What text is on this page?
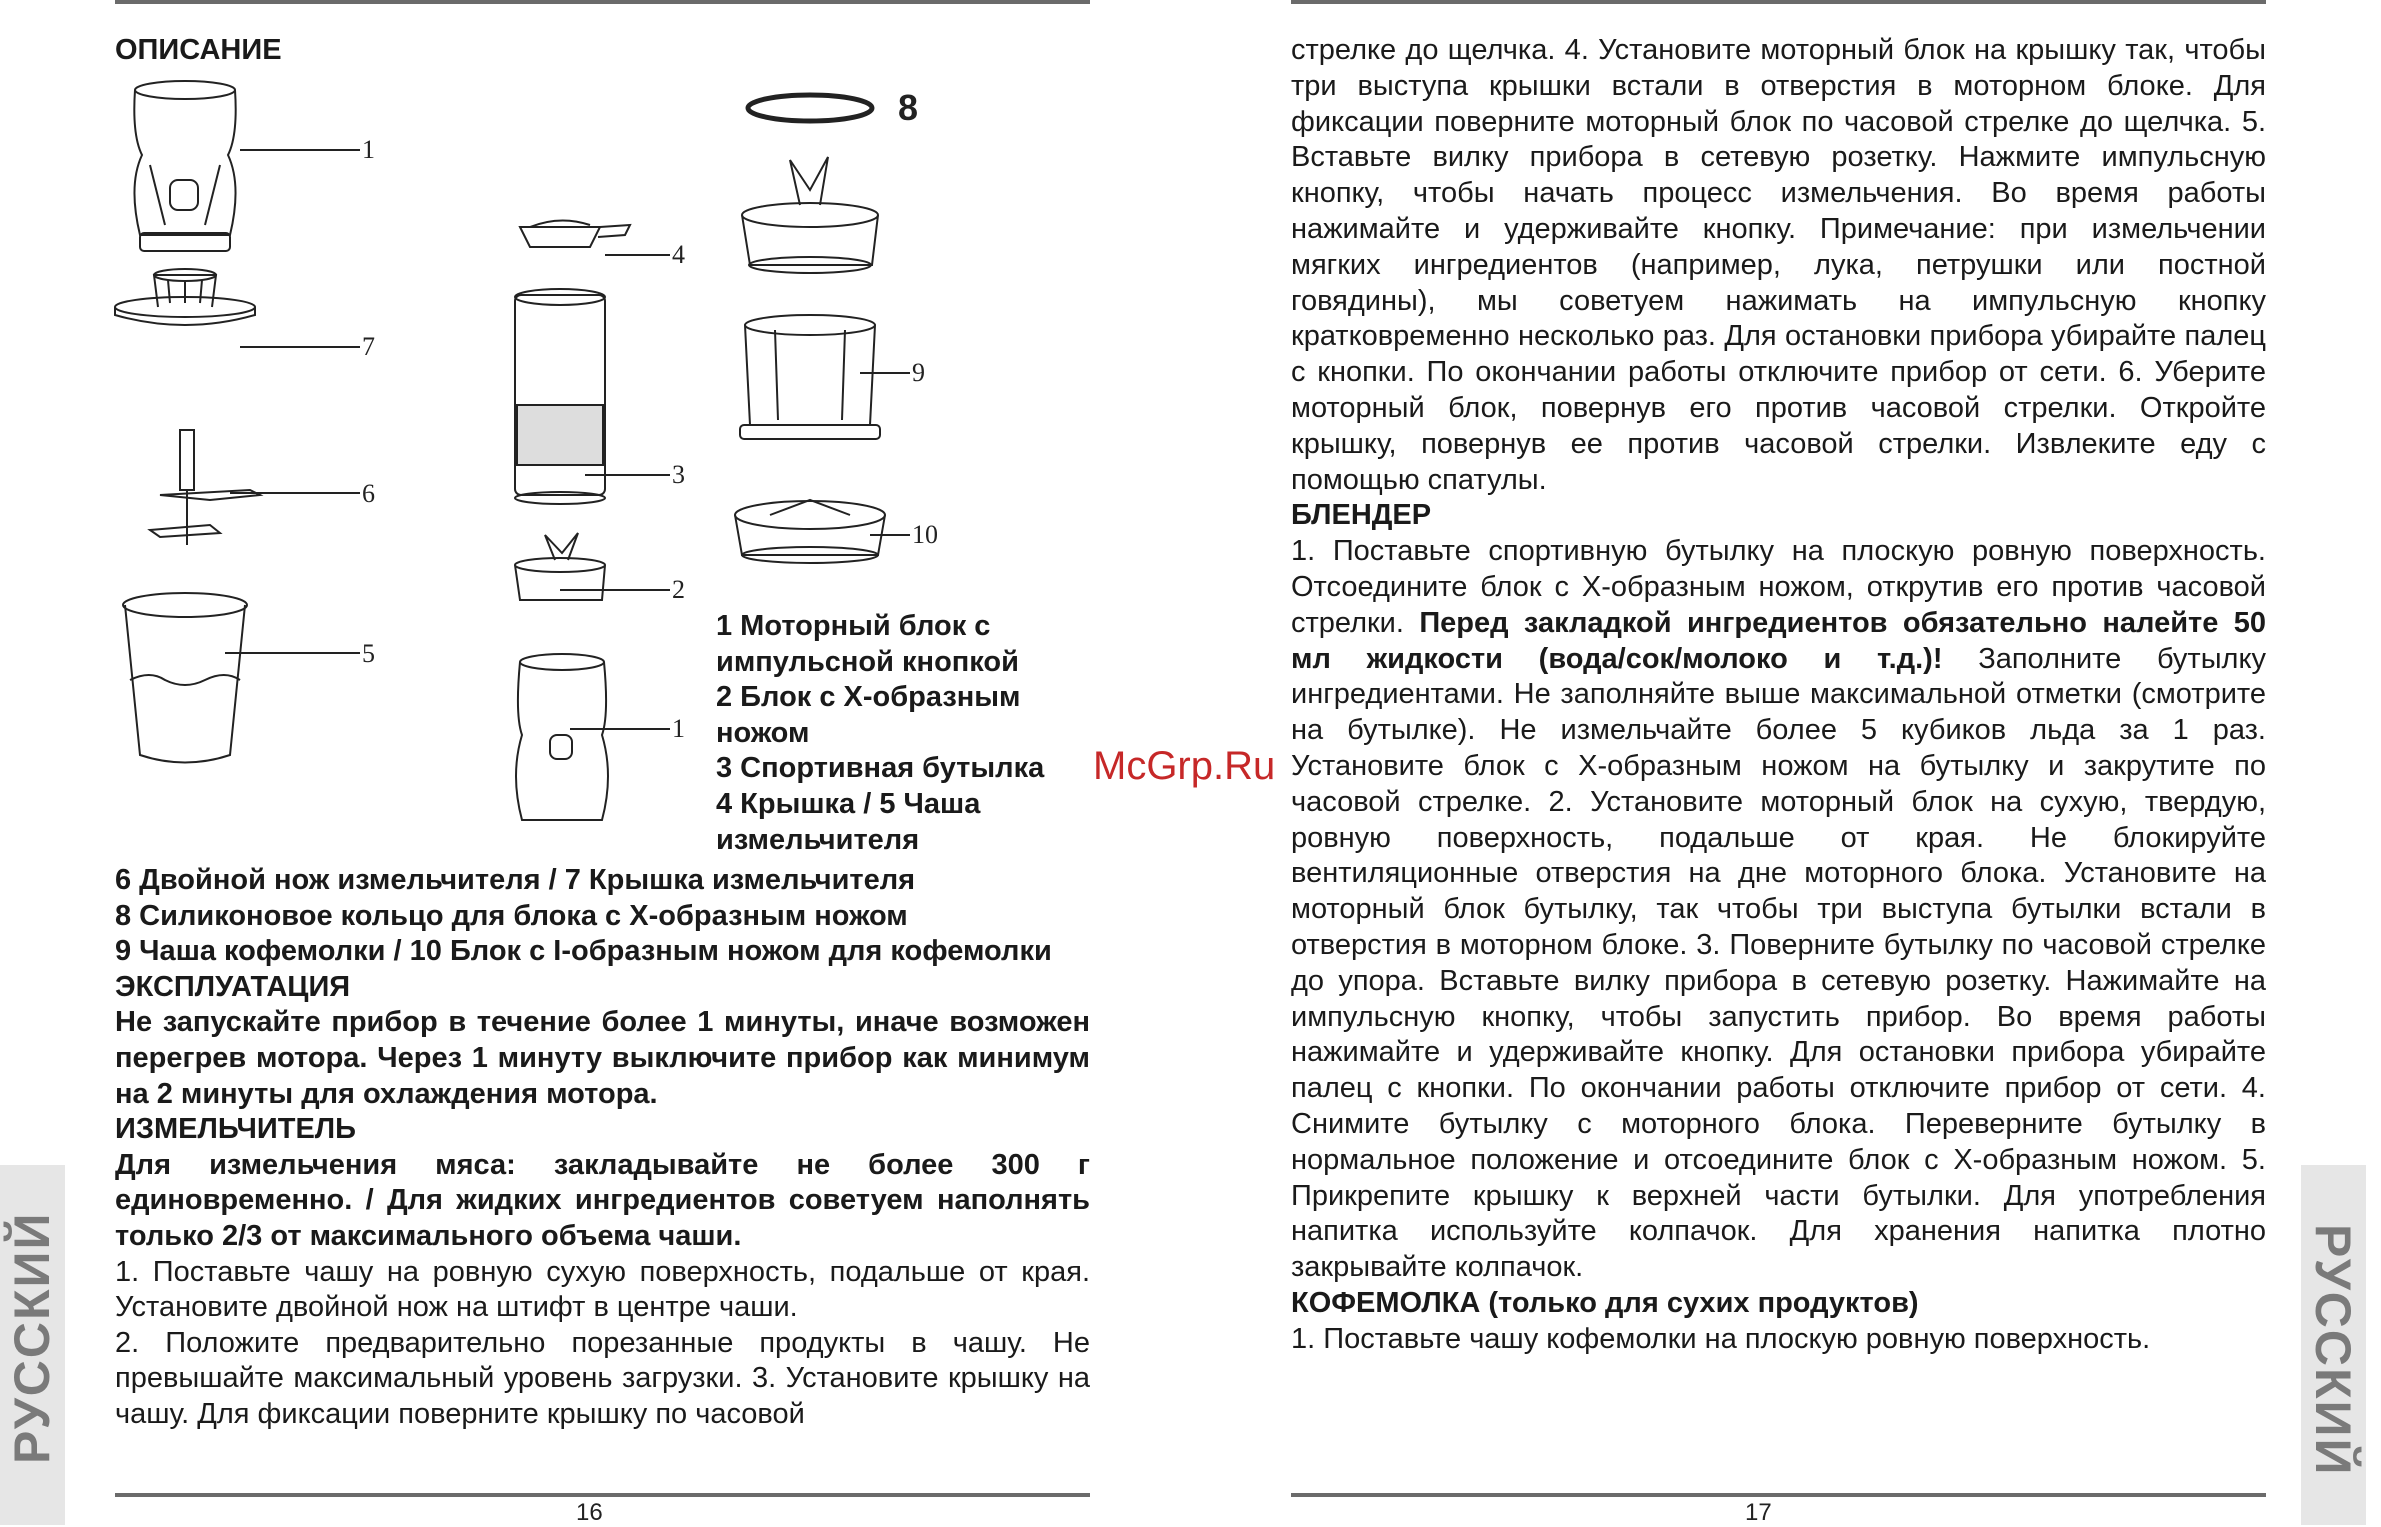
ОПИСАНИЕ

1
7
6
5
4
3
2
1
8
9
10

1 Моторный блок с

импульсной кнопкой

2 Блок с Х-образным

ножом

3 Спортивная бутылка

4 Крышка / 5 Чаша

измельчителя

6 Двойной нож измельчителя / 7 Крышка измельчителя

8 Силиконовое кольцо для блока с Х-образным ножом

9 Чаша кофемолки / 10 Блок с I-образным ножом для кофемолки

ЭКСПЛУАТАЦИЯ

Не запускайте прибор в течение более 1 минуты, иначе возможен перегрев мотора. Через 1 минуту выключите прибор как минимум на 2 минуты для охлаждения мотора.

ИЗМЕЛЬЧИТЕЛЬ

Для измельчения мяса: закладывайте не более 300 г единовременно. / Для жидких ингредиентов советуем наполнять только 2/3 от максимального объема чаши.

1. Поставьте чашу на ровную сухую поверхность, подальше от края. Установите двойной нож на штифт в центре чаши.

2. Положите предварительно порезанные продукты в чашу. Не превышайте максимальный уровень загрузки. 3. Установите крышку на чашу. Для фиксации поверните крышку по часовой

McGrp.Ru

стрелке до щелчка. 4. Установите моторный блок на крышку так, чтобы три выступа крышки встали в отверстия в моторном блоке. Для фиксации поверните моторный блок по часовой стрелке до щелчка. 5. Вставьте вилку прибора в сетевую розетку. Нажмите импульсную кнопку, чтобы начать процесс измельчения. Во время работы нажимайте и удерживайте кнопку. Примечание: при измельчении мягких ингредиентов (например, лука, петрушки или постной говядины), мы советуем нажимать на импульсную кнопку кратковременно несколько раз. Для остановки прибора убирайте палец с кнопки. По окончании работы отключите прибор от сети. 6. Уберите моторный блок, повернув его против часовой стрелки. Откройте крышку, повернув ее против часовой стрелки. Извлеките еду с помощью спатулы.

БЛЕНДЕР

1. Поставьте спортивную бутылку на плоскую ровную поверхность. Отсоедините блок с Х-образным ножом, открутив его против часовой стрелки. Перед закладкой ингредиентов обязательно налейте 50 мл жидкости (вода/сок/молоко и т.д.)! Заполните бутылку ингредиентами. Не заполняйте выше максимальной отметки (смотрите на бутылке). Не измельчайте более 5 кубиков льда за 1 раз. Установите блок с Х-образным ножом на бутылку и закрутите по часовой стрелке. 2. Установите моторный блок на сухую, твердую, ровную поверхность, подальше от края. Не блокируйте вентиляционные отверстия на дне моторного блока. Установите на моторный блок бутылку, так чтобы три выступа бутылки встали в отверстия в моторном блоке. 3. Поверните бутылку по часовой стрелке до упора. Вставьте вилку прибора в сетевую розетку. Нажимайте на импульсную кнопку, чтобы запустить прибор. Во время работы нажимайте и удерживайте кнопку. Для остановки прибора убирайте палец с кнопки. По окончании работы отключите прибор от сети. 4. Снимите бутылку с моторного блока. Переверните бутылку в нормальное положение и отсоедините блок с Х-образным ножом. 5. Прикрепите крышку к верхней части бутылки. Для употребления напитка используйте колпачок. Для хранения напитка плотно закрывайте колпачок.

КОФЕМОЛКА (только для сухих продуктов)

1. Поставьте чашу кофемолки на плоскую ровную поверхность.

16	17
РУССКИЙ	РУССКИЙ
